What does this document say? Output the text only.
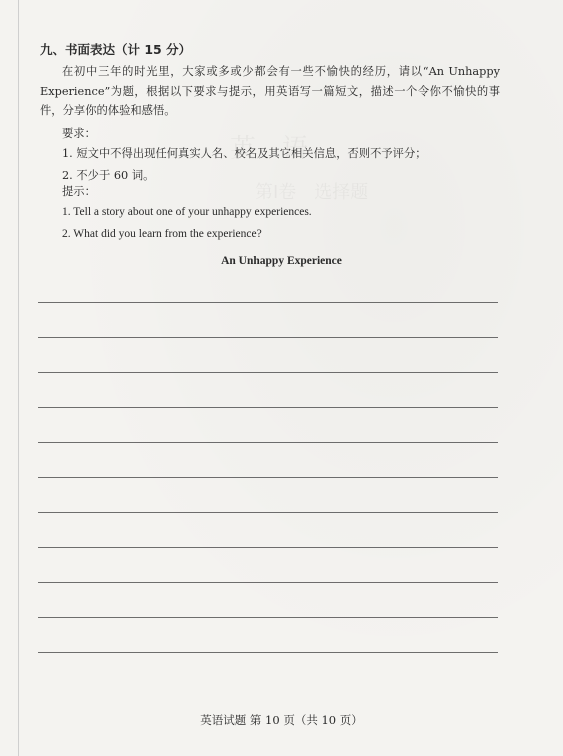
九、书面表达（计 15 分）

在初中三年的时光里，大家或多或少都会有一些不愉快的经历，请以“An Unhappy Experience”为题，根据以下要求与提示，用英语写一篇短文，描述一个令你不愉快的事件，分享你的体验和感悟。

要求：

1. 短文中不得出现任何真实人名、校名及其它相关信息，否则不予评分；
2. 不少于 60 词。

提示：

1. Tell a story about one of your unhappy experiences.
2. What did you learn from the experience?
An Unhappy Experience

英语试题 第 10 页（共 10 页）
